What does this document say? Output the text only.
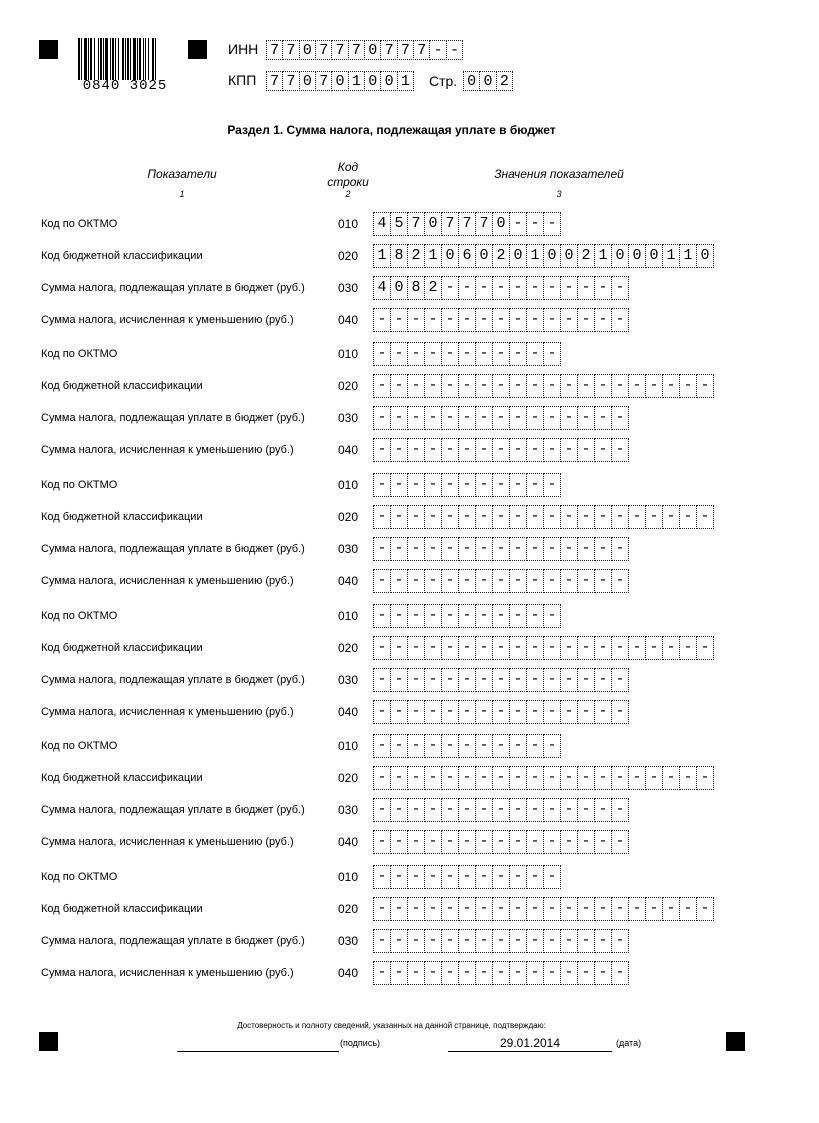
0840 3025
ИНН 7 7 0 7 7 7 0 7 7 7 - -
КПП 7 7 0 7 0 1 0 0 1 Стр. 0 0 2
Раздел 1. Сумма налога, подлежащая уплате в бюджет
Показатели
1
Код
строки
2
Значения показателей
3
Код по ОКТМО	010	4 5 7 0 7 7 7 0 - - -
Код бюджетной классификации	020	1 8 2 1 0 6 0 2 0 1 0 0 2 1 0 0 0 1 1 0
Сумма налога, подлежащая уплате в бюджет (руб.)	030	4 0 8 2 - - - - - - - - - - -
Сумма налога, исчисленная к уменьшению (руб.)	040	- - - - - - - - - - - - - - -
Код по ОКТМО	010	- - - - - - - - - - -
Код бюджетной классификации	020	- - - - - - - - - - - - - - - - - - - -
Сумма налога, подлежащая уплате в бюджет (руб.)	030	- - - - - - - - - - - - - - -
Сумма налога, исчисленная к уменьшению (руб.)	040	- - - - - - - - - - - - - - -
Код по ОКТМО	010	- - - - - - - - - - -
Код бюджетной классификации	020	- - - - - - - - - - - - - - - - - - - -
Сумма налога, подлежащая уплате в бюджет (руб.)	030	- - - - - - - - - - - - - - -
Сумма налога, исчисленная к уменьшению (руб.)	040	- - - - - - - - - - - - - - -
Код по ОКТМО	010	- - - - - - - - - - -
Код бюджетной классификации	020	- - - - - - - - - - - - - - - - - - - -
Сумма налога, подлежащая уплате в бюджет (руб.)	030	- - - - - - - - - - - - - - -
Сумма налога, исчисленная к уменьшению (руб.)	040	- - - - - - - - - - - - - - -
Код по ОКТМО	010	- - - - - - - - - - -
Код бюджетной классификации	020	- - - - - - - - - - - - - - - - - - - -
Сумма налога, подлежащая уплате в бюджет (руб.)	030	- - - - - - - - - - - - - - -
Сумма налога, исчисленная к уменьшению (руб.)	040	- - - - - - - - - - - - - - -
Код по ОКТМО	010	- - - - - - - - - - -
Код бюджетной классификации	020	- - - - - - - - - - - - - - - - - - - -
Сумма налога, подлежащая уплате в бюджет (руб.)	030	- - - - - - - - - - - - - - -
Сумма налога, исчисленная к уменьшению (руб.)	040	- - - - - - - - - - - - - - -
Достоверность и полноту сведений, указанных на данной странице, подтверждаю:
(подпись)	29.01.2014	(дата)
